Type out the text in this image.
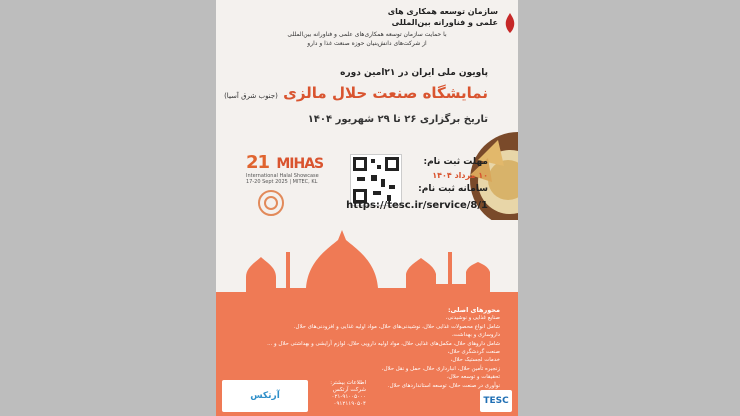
سازمان توسعه همکاری های
علمی و فناورانه بین‌المللی
با حمایت سازمان توسعه همکاری‌های علمی و فناورانه بین‌المللی
از شرکت‌های دانش‌بنیان حوزه صنعت غذا و دارو
پاویون ملی ایران در ۲۱امین دوره
نمایشگاه صنعت حلال مالزی (جنوب شرق آسیا)
تاریخ برگزاری ۲۶ تا ۲۹ شهریور ۱۴۰۴
21 MIHAS
International Halal Showcase
17-20 Sept 2025 | MITEC, KL
مهلت ثبت نام:
۱۰ مرداد ۱۴۰۴
سامانه ثبت نام:
https://tesc.ir/service/8/1
محورهای اصلی:
صنایع غذایی و نوشیدنی،
شامل انواع محصولات غذایی حلال، نوشیدنی‌های حلال، مواد اولیه غذایی و افزودنی‌های حلال.
داروسازی و بهداشت،
شامل داروهای حلال، مکمل‌های غذایی حلال، مواد اولیه دارویی حلال، لوازم آرایشی و بهداشتی حلال و ...
صنعت گردشگری حلال،
خدمات لجستیک حلال،
زنجیره تأمین حلال، انبارداری حلال، حمل و نقل حلال،
تحقیقات و توسعه حلال،
نوآوری در صنعت حلال، توسعه استانداردهای حلال.
آرتکس
اطلاعات بیشتر:
شرکت آرتکس
۰۲۱-۹۱۰۰۵۰۰۰
۰۹۱۲۱۱۹۰۵۰۴	TESC
